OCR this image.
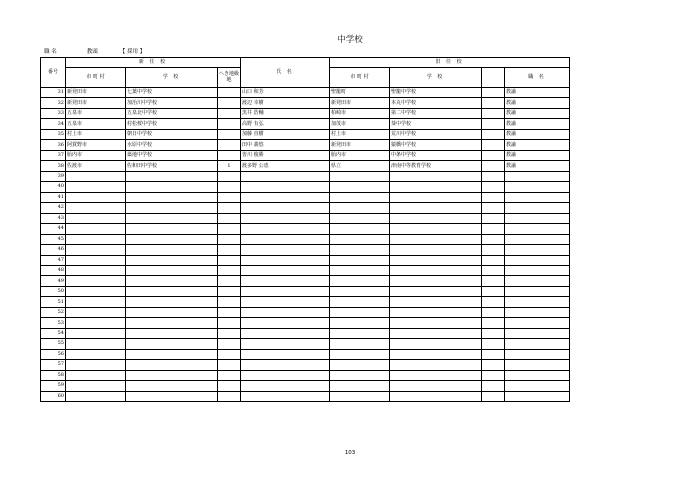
中学校
職 名	教頭	【 採用 】
番号	新 任 校			氏 名	旧 任 校			
	市 町 村	学 校	へき地級地		市 町 村	学 校		職 名
31	新発田市	七葉中学校		山口 和芳	聖籠町	聖籠中学校		教諭
32	新発田市	加治川中学校		渡辺 幸樹	新発田市	本丸中学校		教諭
33	五泉市	五泉北中学校		黒井 浩輔	柏崎市	第二中学校		教諭
34	五泉市	村松桜中学校		高野 有弘	加茂市	葵中学校		教諭
35	村上市	朝日中学校		加藤 直樹	村上市	荒川中学校		教諭
36	阿賀野市	水原中学校		田中 義悠	新発田市	猿橋中学校		教諭
37	胎内市	築地中学校		皆川 俊勝	胎内市	中条中学校		教諭
38	佐渡市	佐和田中学校	1	渡多野 公恵	県立	津南中等教育学校		教諭
39								
40								
41								
42								
43								
44								
45								
46								
47								
48								
49								
50								
51								
52								
53								
54								
55								
56								
57								
58								
59								
60								
103
